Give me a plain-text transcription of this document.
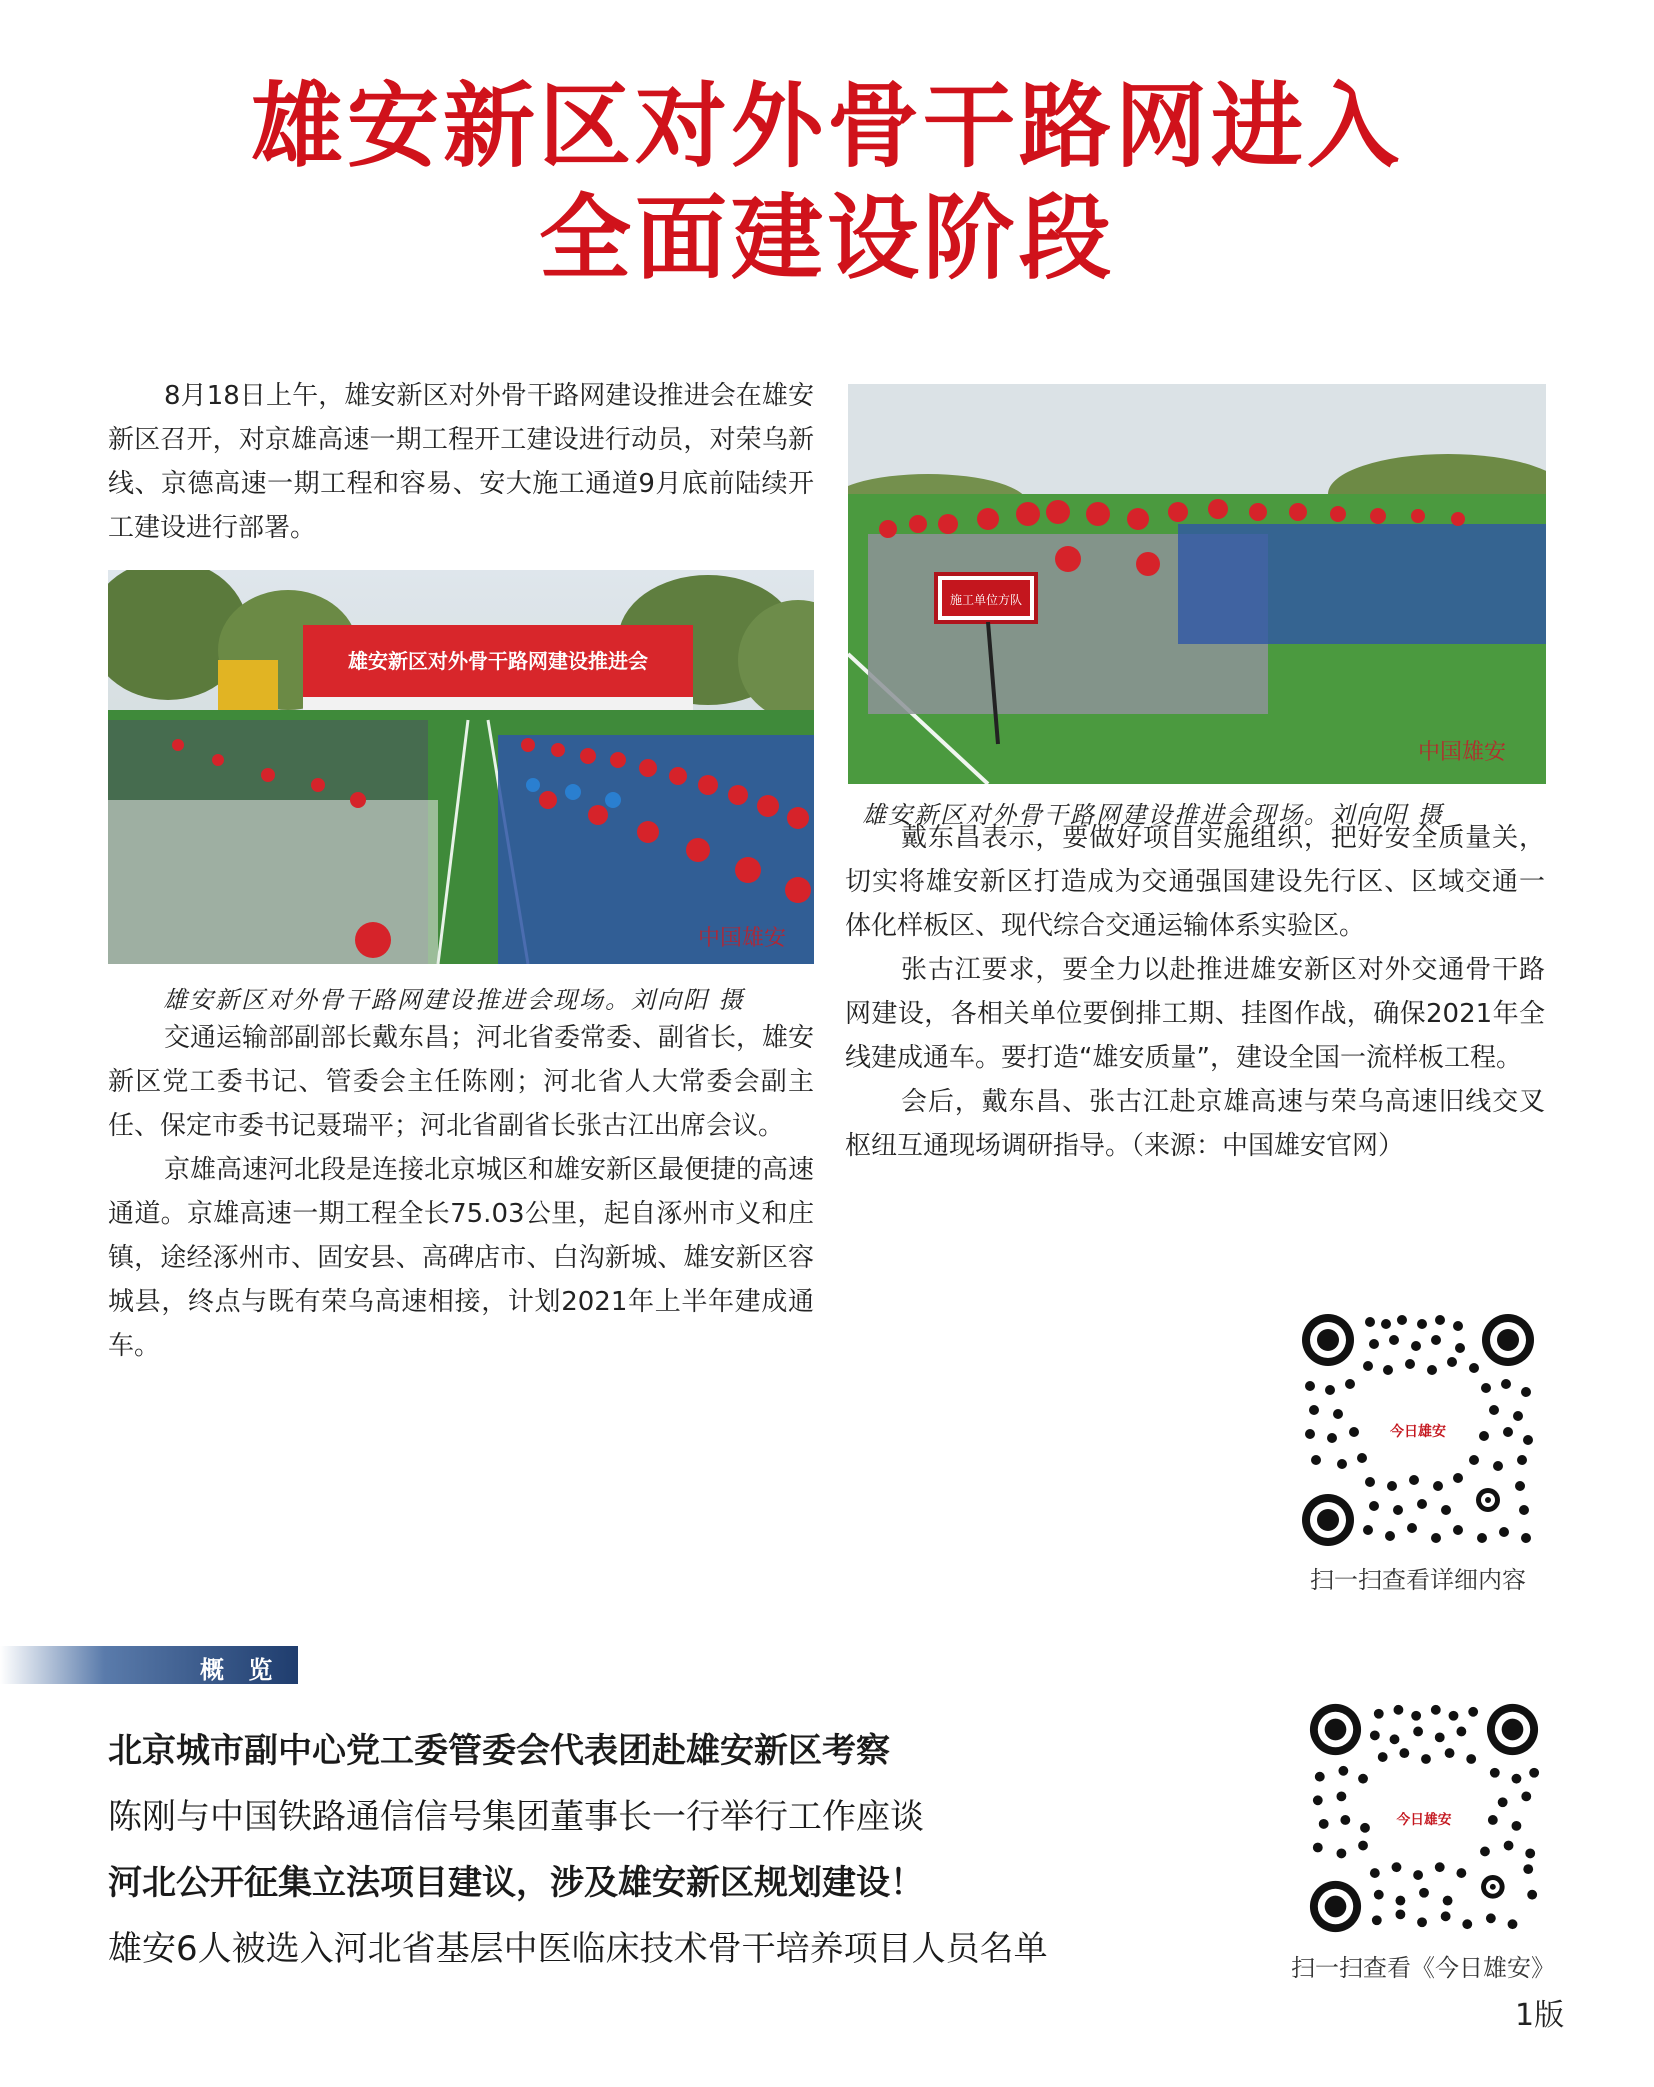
雄安新区对外骨干路网进入
全面建设阶段

8月18日上午，雄安新区对外骨干路网建设推进会在雄安新区召开，对京雄高速一期工程开工建设进行动员，对荣乌新线、京德高速一期工程和容易、安大施工通道9月底前陆续开工建设进行部署。

雄安新区对外骨干路网建设推进会
中国雄安
雄安新区对外骨干路网建设推进会现场。刘向阳 摄

交通运输部副部长戴东昌；河北省委常委、副省长，雄安新区党工委书记、管委会主任陈刚；河北省人大常委会副主任、保定市委书记聂瑞平；河北省副省长张古江出席会议。

京雄高速河北段是连接北京城区和雄安新区最便捷的高速通道。京雄高速一期工程全长75.03公里，起自涿州市义和庄镇，途经涿州市、固安县、高碑店市、白沟新城、雄安新区容城县，终点与既有荣乌高速相接，计划2021年上半年建成通车。

施工单位方队
中国雄安
雄安新区对外骨干路网建设推进会现场。刘向阳 摄

戴东昌表示，要做好项目实施组织，把好安全质量关，切实将雄安新区打造成为交通强国建设先行区、区域交通一体化样板区、现代综合交通运输体系实验区。

张古江要求，要全力以赴推进雄安新区对外交通骨干路网建设，各相关单位要倒排工期、挂图作战，确保2021年全线建成通车。要打造“雄安质量”，建设全国一流样板工程。

会后，戴东昌、张古江赴京雄高速与荣乌高速旧线交叉枢纽互通现场调研指导。（来源：中国雄安官网）

今日雄安
扫一扫查看详细内容
概 览
北京城市副中心党工委管委会代表团赴雄安新区考察
陈刚与中国铁路通信信号集团董事长一行举行工作座谈
河北公开征集立法项目建议，涉及雄安新区规划建设！
雄安6人被选入河北省基层中医临床技术骨干培养项目人员名单
今日雄安
扫一扫查看《今日雄安》
1版
